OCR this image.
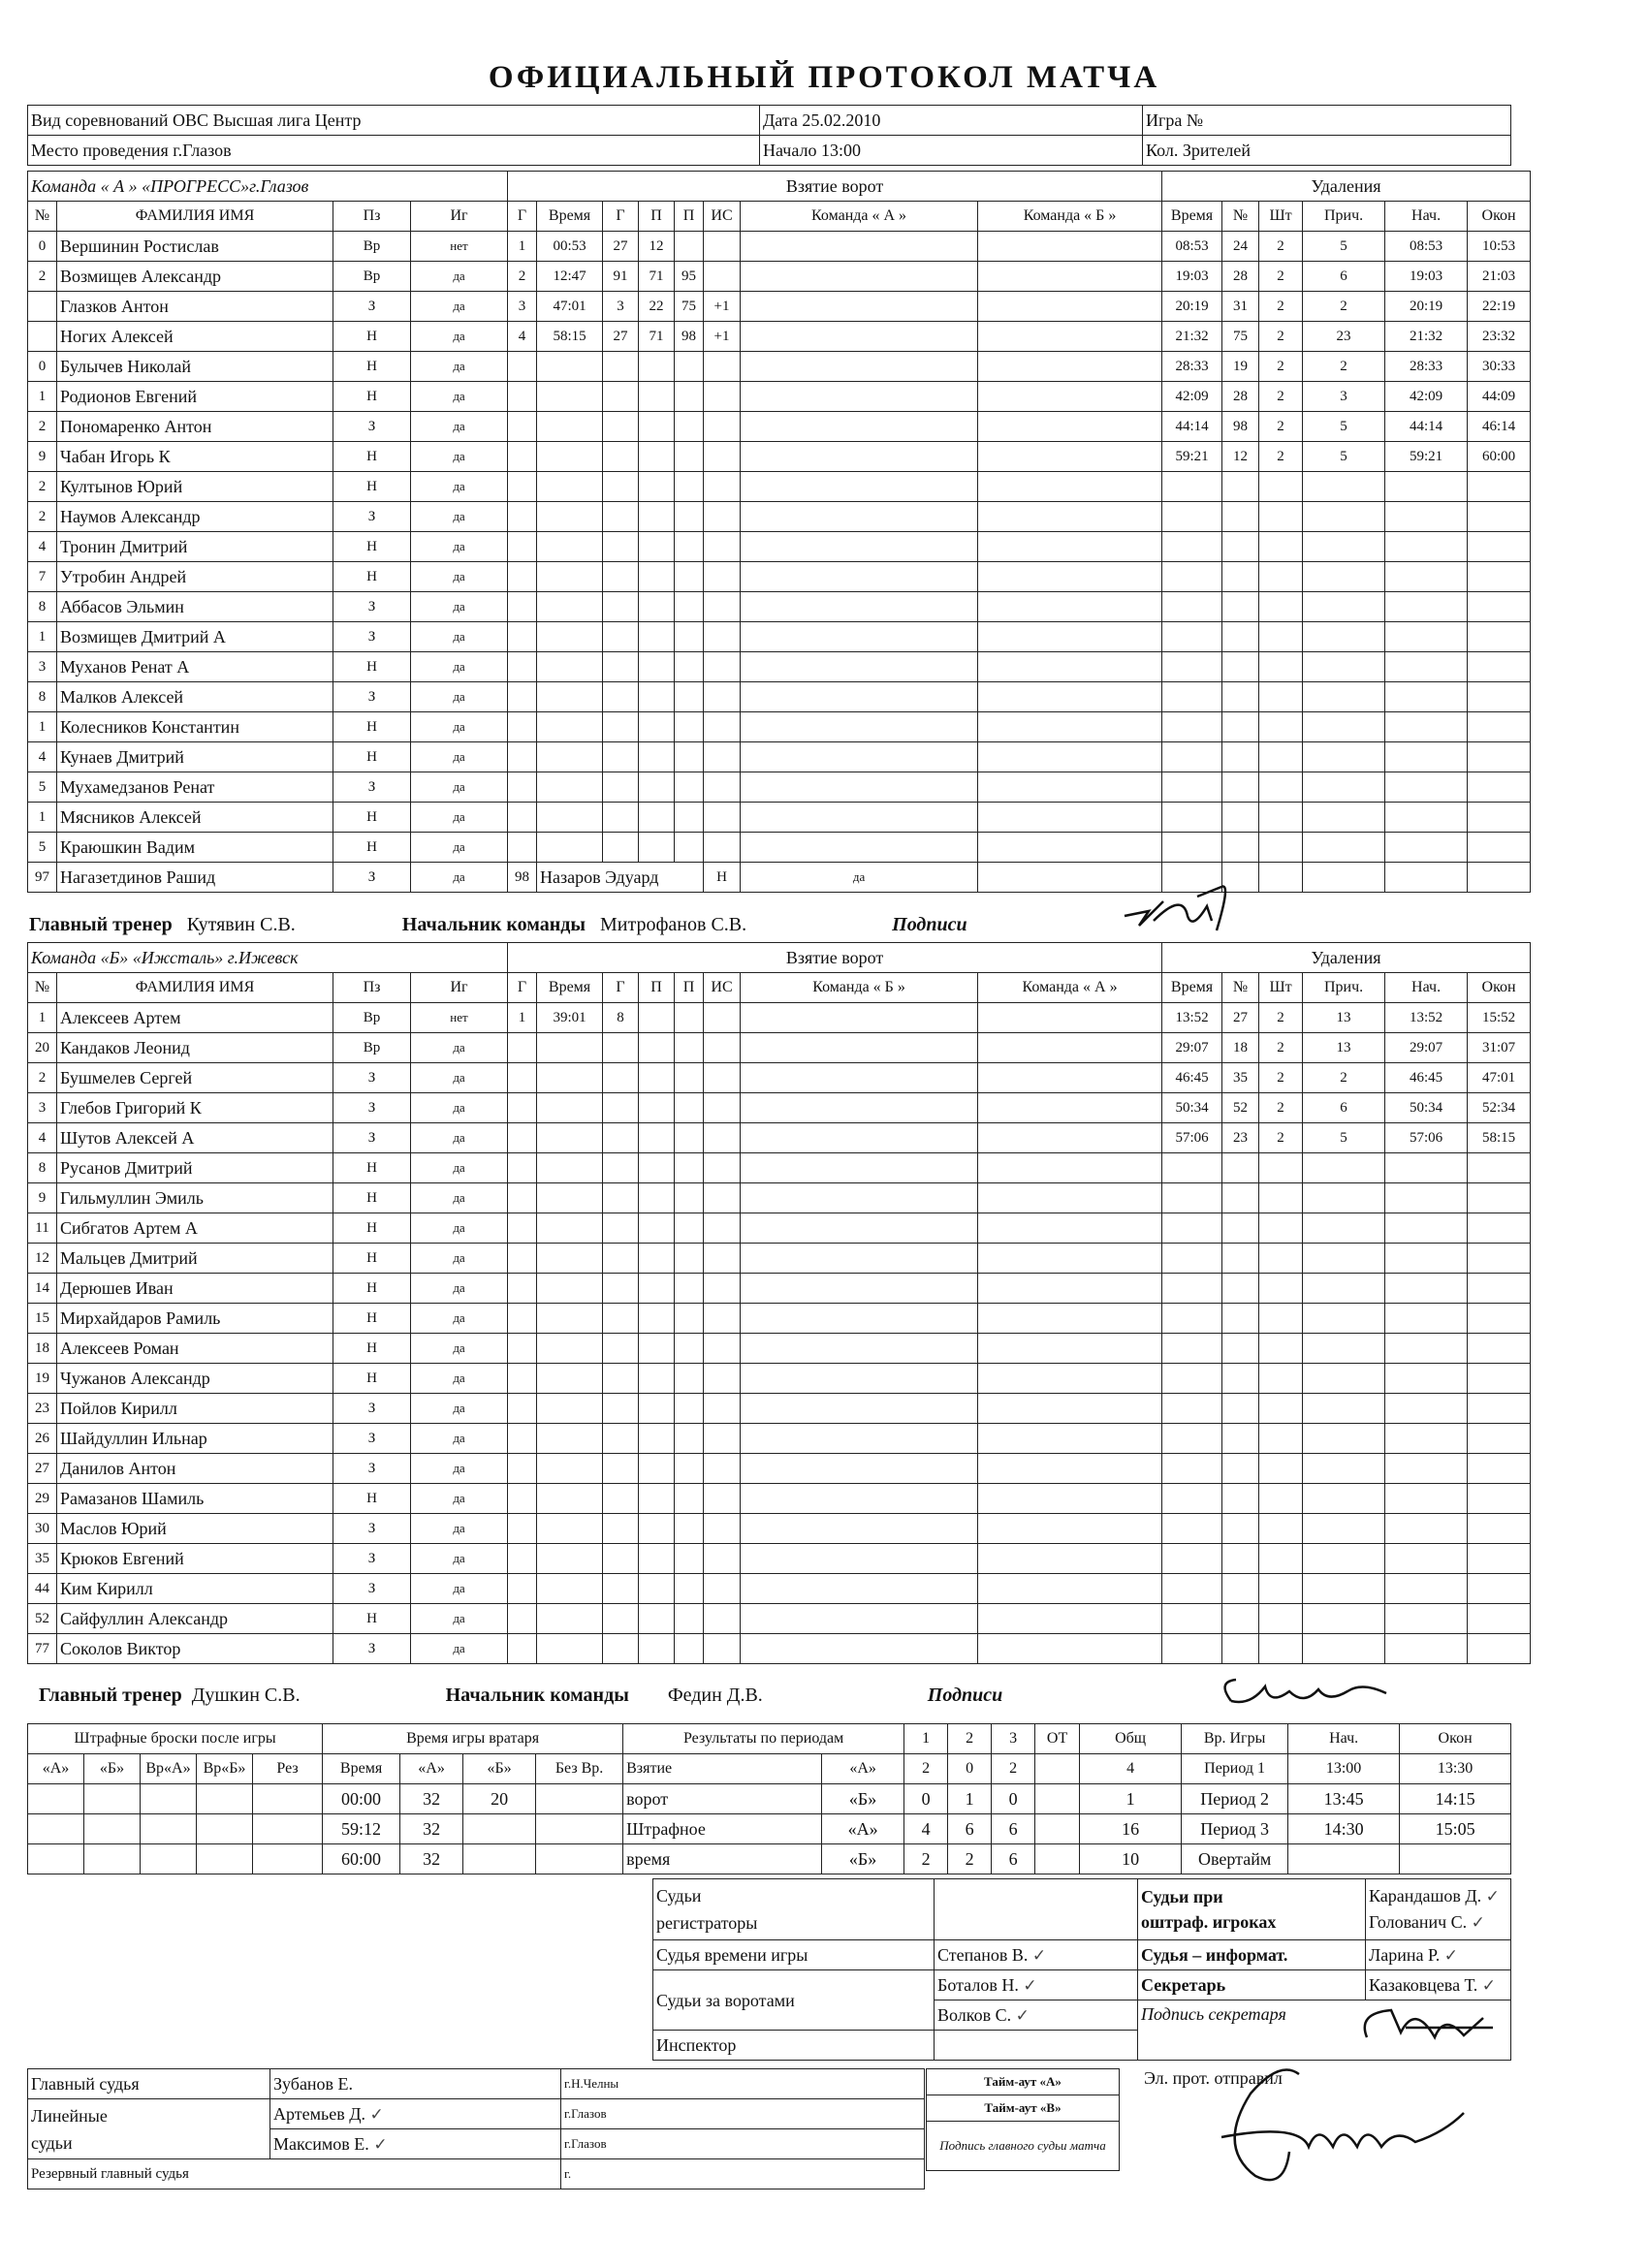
ОФИЦИАЛЬНЫЙ ПРОТОКОЛ МАТЧА
Вид соревнований ОВС Высшая лига Центр	Дата 25.02.2010	Игра №
Место проведения г.Глазов	Начало 13:00	Кол. Зрителей
Команда « А » «ПРОГРЕСС»г.Глазов				Взятие ворот								Удаления					
№	ФАМИЛИЯ ИМЯ	Пз	Иг	Г	Время	Г	П	П	ИС	Команда « А »	Команда « Б »	Время	№	Шт	Прич.	Нач.	Окон
0	Вершинин Ростислав	Вр	нет	1	00:53	27	12					08:53	24	2	5	08:53	10:53
2	Возмищев Александр	Вр	да	2	12:47	91	71	95				19:03	28	2	6	19:03	21:03
	Глазков Антон	З	да	3	47:01	3	22	75	+1			20:19	31	2	2	20:19	22:19
	Ногих Алексей	Н	да	4	58:15	27	71	98	+1			21:32	75	2	23	21:32	23:32
0	Булычев Николай	Н	да									28:33	19	2	2	28:33	30:33
1	Родионов Евгений	Н	да									42:09	28	2	3	42:09	44:09
2	Пономаренко Антон	З	да									44:14	98	2	5	44:14	46:14
9	Чабан Игорь К	Н	да									59:21	12	2	5	59:21	60:00
2	Култынов Юрий	Н	да														
2	Наумов Александр	З	да														
4	Тронин Дмитрий	Н	да														
7	Утробин Андрей	Н	да														
8	Аббасов Эльмин	З	да														
1	Возмищев Дмитрий А	З	да														
3	Муханов Ренат А	Н	да														
8	Малков Алексей	З	да														
1	Колесников Константин	Н	да														
4	Кунаев Дмитрий	Н	да														
5	Мухамедзанов Ренат	З	да														
1	Мясников Алексей	Н	да														
5	Краюшкин Вадим	Н	да														
97	Нагазетдинов Рашид	З	да	98	Назаров Эдуард				Н	да							
Главный тренер Кутявин С.В.	Начальник команды Митрофанов С.В.	Подписи
Команда «Б» «Ижсталь» г.Ижевск				Взятие ворот								Удаления					
№	ФАМИЛИЯ ИМЯ	Пз	Иг	Г	Время	Г	П	П	ИС	Команда « Б »	Команда « А »	Время	№	Шт	Прич.	Нач.	Окон
1	Алексеев Артем	Вр	нет	1	39:01	8						13:52	27	2	13	13:52	15:52
20	Кандаков Леонид	Вр	да									29:07	18	2	13	29:07	31:07
2	Бушмелев Сергей	З	да									46:45	35	2	2	46:45	47:01
3	Глебов Григорий К	З	да									50:34	52	2	6	50:34	52:34
4	Шутов Алексей А	З	да									57:06	23	2	5	57:06	58:15
8	Русанов Дмитрий	Н	да														
9	Гильмуллин Эмиль	Н	да														
11	Сибгатов Артем А	Н	да														
12	Мальцев Дмитрий	Н	да														
14	Дерюшев Иван	Н	да														
15	Мирхайдаров Рамиль	Н	да														
18	Алексеев Роман	Н	да														
19	Чужанов Александр	Н	да														
23	Пойлов Кирилл	З	да														
26	Шайдуллин Ильнар	З	да														
27	Данилов Антон	З	да														
29	Рамазанов Шамиль	Н	да														
30	Маслов Юрий	З	да														
35	Крюков Евгений	З	да														
44	Ким Кирилл	З	да														
52	Сайфуллин Александр	Н	да														
77	Соколов Виктор	З	да														
Главный тренер Душкин С.В.	Начальник команды Федин Д.В.	Подписи
Штрафные броски после игры					Время игры вратаря				Результаты по периодам		1	2	3	ОТ	Общ	Вр. Игры	Нач.	Окон
«А»	«Б»	Вр«А»	Вр«Б»	Рез	Время	«А»	«Б»	Без Вр.	Взятие	«А»	2	0	2		4	Период 1	13:00	13:30
					00:00	32	20		ворот	«Б»	0	1	0		1	Период 2	13:45	14:15
					59:12	32			Штрафное	«А»	4	6	6		16	Период 3	14:30	15:05
					60:00	32			время	«Б»	2	2	6		10	Овертайм		
Судьи
регистраторы		Судьи при
оштраф. игроках	Карандашов Д. ✓
Голованич С. ✓
Судья времени игры	Степанов В. ✓	Судья – информат.	Ларина Р. ✓
Судьи за воротами	Боталов Н. ✓	Секретарь	Казаковцева Т. ✓
	Волков С. ✓	Подпись секретаря	
Инспектор			
Главный судья	Зубанов Е.	г.Н.Челны
Линейные
судьи	Артемьев Д. ✓	г.Глазов
	Максимов Е. ✓	г.Глазов
Резервный главный судья		г.
Тайм-аут «А»
Тайм-аут «В»
Подпись главного судьи матча
Эл. прот. отправил
